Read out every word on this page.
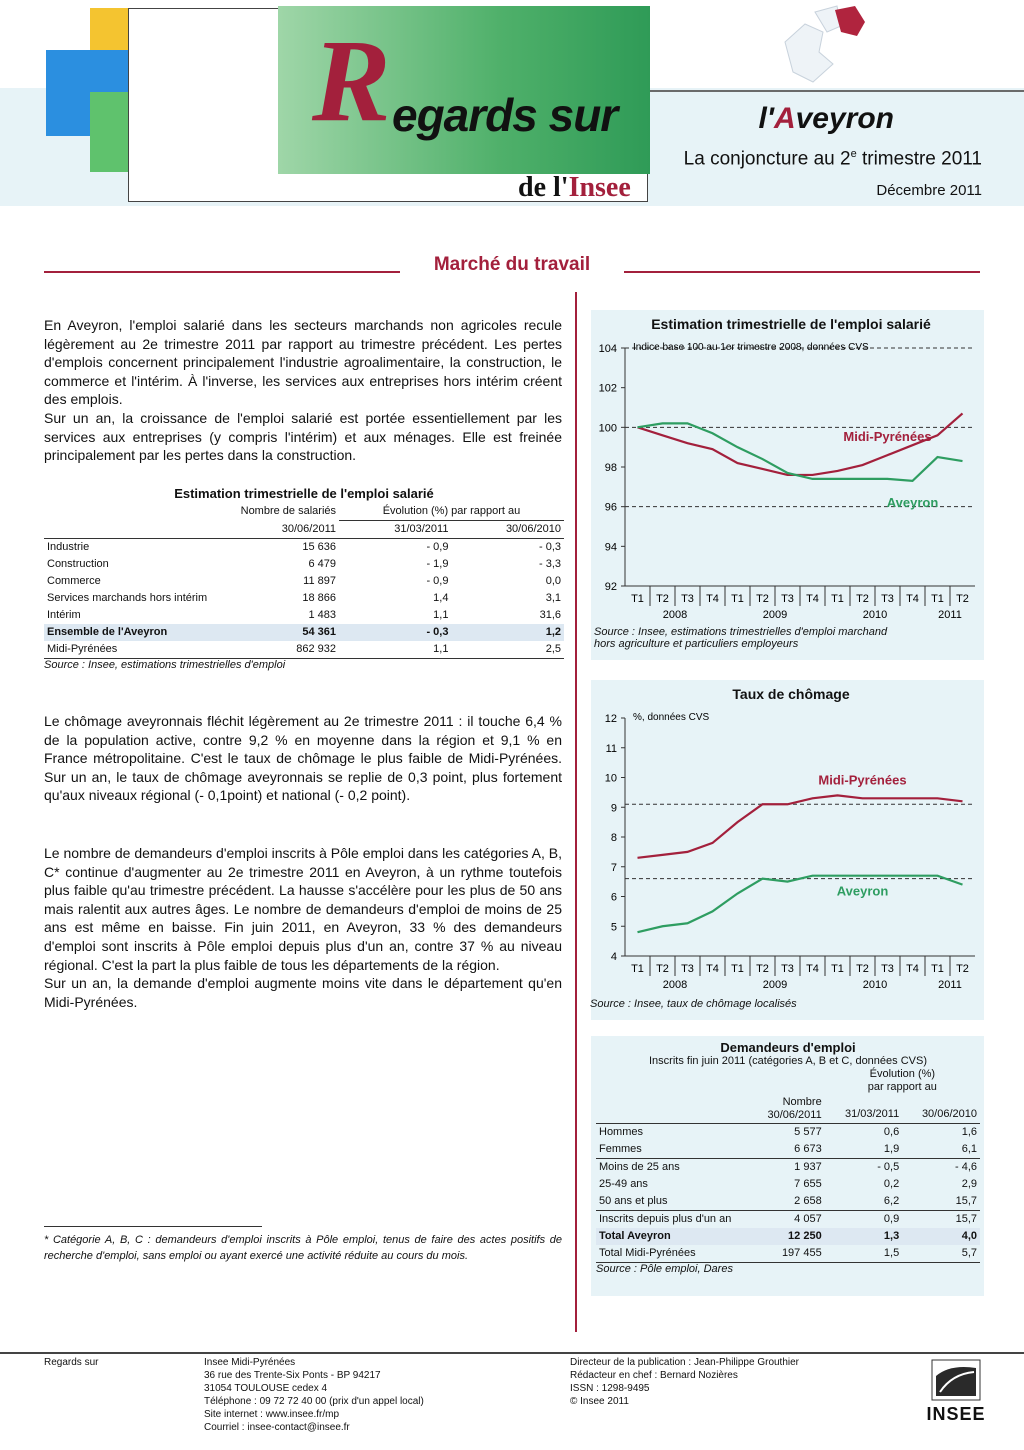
R egards sur
de l'Insee
l'Aveyron
La conjoncture au 2e trimestre 2011
Décembre 2011
Marché du travail
En Aveyron, l'emploi salarié dans les secteurs marchands non agricoles recule légèrement au 2e trimestre 2011 par rapport au trimestre précédent. Les pertes d'emplois concernent principalement l'industrie agroalimentaire, la construction, le commerce et l'intérim. À l'inverse, les services aux entreprises hors intérim créent des emplois.
Sur un an, la croissance de l'emploi salarié est portée essentiellement par les services aux entreprises (y compris l'intérim) et aux ménages. Elle est freinée principalement par les pertes dans la construction.
Estimation trimestrielle de l'emploi salarié
	Nombre de salariés	Évolution (%) par rapport au	
	30/06/2011	31/03/2011	30/06/2010
Industrie	15 636	- 0,9	- 0,3
Construction	6 479	- 1,9	- 3,3
Commerce	11 897	- 0,9	0,0
Services marchands hors intérim	18 866	1,4	3,1
Intérim	1 483	1,1	31,6
Ensemble de l'Aveyron	54 361	- 0,3	1,2
Midi-Pyrénées	862 932	1,1	2,5
Source : Insee, estimations trimestrielles d'emploi
Le chômage aveyronnais fléchit légèrement au 2e trimestre 2011 : il touche 6,4 % de la population active, contre 9,2 % en moyenne dans la région et 9,1 % en France métropolitaine. C'est le taux de chômage le plus faible de Midi-Pyrénées. Sur un an, le taux de chômage aveyronnais se replie de 0,3 point, plus fortement qu'aux niveaux régional (- 0,1point) et national (- 0,2 point).
Le nombre de demandeurs d'emploi inscrits à Pôle emploi dans les catégories A, B, C* continue d'augmenter au 2e trimestre 2011 en Aveyron, à un rythme toutefois plus faible qu'au trimestre précédent. La hausse s'accélère pour les plus de 50 ans mais ralentit aux autres âges. Le nombre de demandeurs d'emploi de moins de 25 ans est même en baisse. Fin juin 2011, en Aveyron, 33 % des demandeurs d'emploi sont inscrits à Pôle emploi depuis plus d'un an, contre 37 % au niveau régional. C'est la part la plus faible de tous les départements de la région.
Sur un an, la demande d'emploi augmente moins vite dans le département qu'en Midi-Pyrénées.
* Catégorie A, B, C : demandeurs d'emploi inscrits à Pôle emploi, tenus de faire des actes positifs de recherche d'emploi, sans emploi ou ayant exercé une activité réduite au cours du mois.
Estimation trimestrielle de l'emploi salarié
92
94
96
98
100
102
104 Indice base 100 au 1er trimestre 2008, données CVS
T1 T2 T3 T4 T1 T2 T3 T4 T1 T2 T3 T4 T1 T2
2008	2009	2010	2011
Midi-Pyrénées
Aveyron
Source : Insee, estimations trimestrielles d'emploi marchand
hors agriculture et particuliers employeurs
Taux de chômage
4
5
6
7
8
9
10
11
12 %, données CVS
T1 T2 T3 T4 T1 T2 T3 T4 T1 T2 T3 T4 T1 T2
2008	2009	2010	2011
Midi-Pyrénées
Aveyron
Source : Insee, taux de chômage localisés
Demandeurs d'emploi
Inscrits fin juin 2011 (catégories A, B et C, données CVS)

		Évolution (%)
par rapport au	

	Nombre
30/06/2011	31/03/2011	30/06/2010
Hommes	5 577	0,6	1,6
Femmes	6 673	1,9	6,1
Moins de 25 ans	1 937	- 0,5	- 4,6
25-49 ans	7 655	0,2	2,9
50 ans et plus	2 658	6,2	15,7
Inscrits depuis plus d'un an	4 057	0,9	15,7
Total Aveyron	12 250	1,3	4,0
Total Midi-Pyrénées	197 455	1,5	5,7
Source : Pôle emploi, Dares
Regards sur	Insee Midi-Pyrénées
36 rue des Trente-Six Ponts - BP 94217
31054 TOULOUSE cedex 4
Téléphone : 09 72 72 40 00 (prix d'un appel local)
Site internet : www.insee.fr/mp
Courriel : insee-contact@insee.fr
Directeur de la publication : Jean-Philippe Grouthier
Rédacteur en chef : Bernard Nozières
ISSN : 1298-9495
© Insee 2011
INSEE
